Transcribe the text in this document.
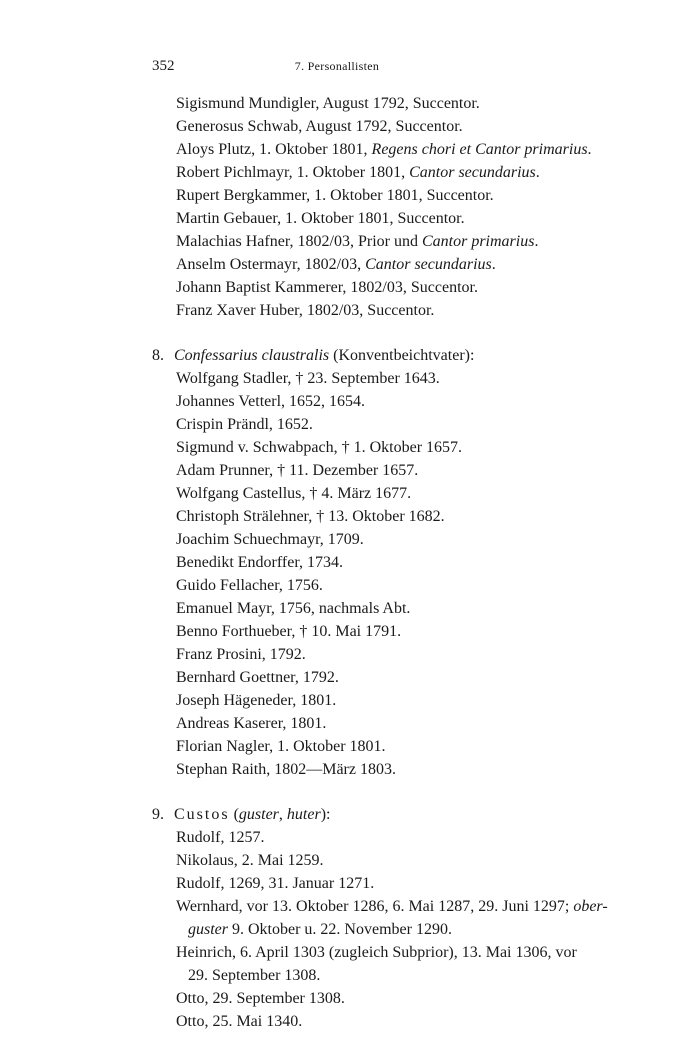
352	7. Personallisten
Sigismund Mundigler, August 1792, Succentor.
Generosus Schwab, August 1792, Succentor.
Aloys Plutz, 1. Oktober 1801, Regens chori et Cantor primarius.
Robert Pichlmayr, 1. Oktober 1801, Cantor secundarius.
Rupert Bergkammer, 1. Oktober 1801, Succentor.
Martin Gebauer, 1. Oktober 1801, Succentor.
Malachias Hafner, 1802/03, Prior und Cantor primarius.
Anselm Ostermayr, 1802/03, Cantor secundarius.
Johann Baptist Kammerer, 1802/03, Succentor.
Franz Xaver Huber, 1802/03, Succentor.
8. Confessarius claustralis (Konventbeichtvater):
Wolfgang Stadler, † 23. September 1643.
Johannes Vetterl, 1652, 1654.
Crispin Prändl, 1652.
Sigmund v. Schwabpach, † 1. Oktober 1657.
Adam Prunner, † 11. Dezember 1657.
Wolfgang Castellus, † 4. März 1677.
Christoph Strälehner, † 13. Oktober 1682.
Joachim Schuechmayr, 1709.
Benedikt Endorffer, 1734.
Guido Fellacher, 1756.
Emanuel Mayr, 1756, nachmals Abt.
Benno Forthueber, † 10. Mai 1791.
Franz Prosini, 1792.
Bernhard Goettner, 1792.
Joseph Hägeneder, 1801.
Andreas Kaserer, 1801.
Florian Nagler, 1. Oktober 1801.
Stephan Raith, 1802—März 1803.
9. Custos (guster, huter):
Rudolf, 1257.
Nikolaus, 2. Mai 1259.
Rudolf, 1269, 31. Januar 1271.
Wernhard, vor 13. Oktober 1286, 6. Mai 1287, 29. Juni 1297; ober-
guster 9. Oktober u. 22. November 1290.
Heinrich, 6. April 1303 (zugleich Subprior), 13. Mai 1306, vor
29. September 1308.
Otto, 29. September 1308.
Otto, 25. Mai 1340.
